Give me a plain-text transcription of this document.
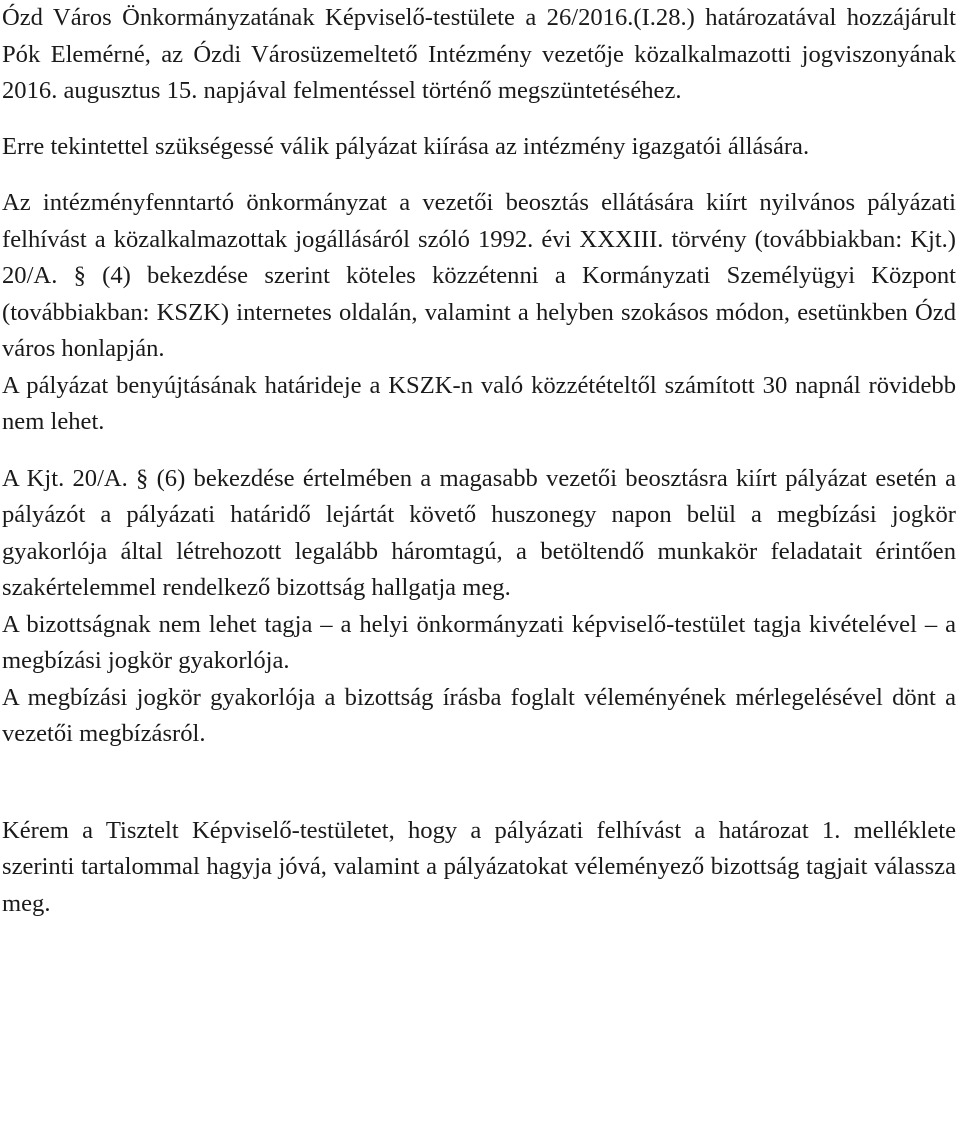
Ózd Város Önkormányzatának Képviselő-testülete a 26/2016.(I.28.) határozatával hozzájárult Pók Elemérné, az Ózdi Városüzemeltető Intézmény vezetője közalkalmazotti jogviszonyának 2016. augusztus 15. napjával felmentéssel történő megszüntetéséhez.

Erre tekintettel szükségessé válik pályázat kiírása az intézmény igazgatói állására.

Az intézményfenntartó önkormányzat a vezetői beosztás ellátására kiírt nyilvános pályázati felhívást a közalkalmazottak jogállásáról szóló 1992. évi XXXIII. törvény (továbbiakban: Kjt.) 20/A. § (4) bekezdése szerint köteles közzétenni a Kormányzati Személyügyi Központ (továbbiakban: KSZK) internetes oldalán, valamint a helyben szokásos módon, esetünkben Ózd város honlapján.

A pályázat benyújtásának határideje a KSZK-n való közzétételtől számított 30 napnál rövidebb nem lehet.

A Kjt. 20/A. § (6) bekezdése értelmében a magasabb vezetői beosztásra kiírt pályázat esetén a pályázót a pályázati határidő lejártát követő huszonegy napon belül a megbízási jogkör gyakorlója által létrehozott legalább háromtagú, a betöltendő munkakör feladatait érintően szakértelemmel rendelkező bizottság hallgatja meg.

A bizottságnak nem lehet tagja – a helyi önkormányzati képviselő-testület tagja kivételével – a megbízási jogkör gyakorlója.

A megbízási jogkör gyakorlója a bizottság írásba foglalt véleményének mérlegelésével dönt a vezetői megbízásról.

Kérem a Tisztelt Képviselő-testületet, hogy a pályázati felhívást a határozat 1. melléklete szerinti tartalommal hagyja jóvá, valamint a pályázatokat véleményező bizottság tagjait válassza meg.
